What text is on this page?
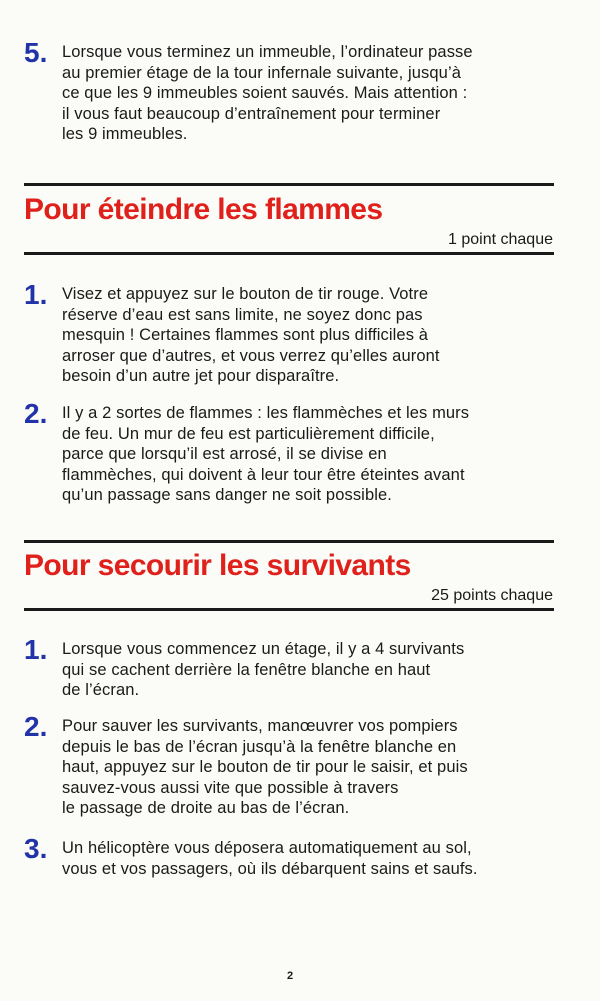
5. Lorsque vous terminez un immeuble, l’ordinateur passe
au premier étage de la tour infernale suivante, jusqu’à
ce que les 9 immeubles soient sauvés. Mais attention :
il vous faut beaucoup d’entraînement pour terminer
les 9 immeubles.
Pour éteindre les flammes
1 point chaque
1. Visez et appuyez sur le bouton de tir rouge. Votre
réserve d’eau est sans limite, ne soyez donc pas
mesquin ! Certaines flammes sont plus difficiles à
arroser que d’autres, et vous verrez qu’elles auront
besoin d’un autre jet pour disparaître.
2. Il y a 2 sortes de flammes : les flammèches et les murs
de feu. Un mur de feu est particulièrement difficile,
parce que lorsqu’il est arrosé, il se divise en
flammèches, qui doivent à leur tour être éteintes avant
qu’un passage sans danger ne soit possible.
Pour secourir les survivants
25 points chaque
1. Lorsque vous commencez un étage, il y a 4 survivants
qui se cachent derrière la fenêtre blanche en haut
de l’écran.
2. Pour sauver les survivants, manœuvrer vos pompiers
depuis le bas de l’écran jusqu’à la fenêtre blanche en
haut, appuyez sur le bouton de tir pour le saisir, et puis
sauvez-vous aussi vite que possible à travers
le passage de droite au bas de l’écran.
3. Un hélicoptère vous déposera automatiquement au sol,
vous et vos passagers, où ils débarquent sains et saufs.
2
